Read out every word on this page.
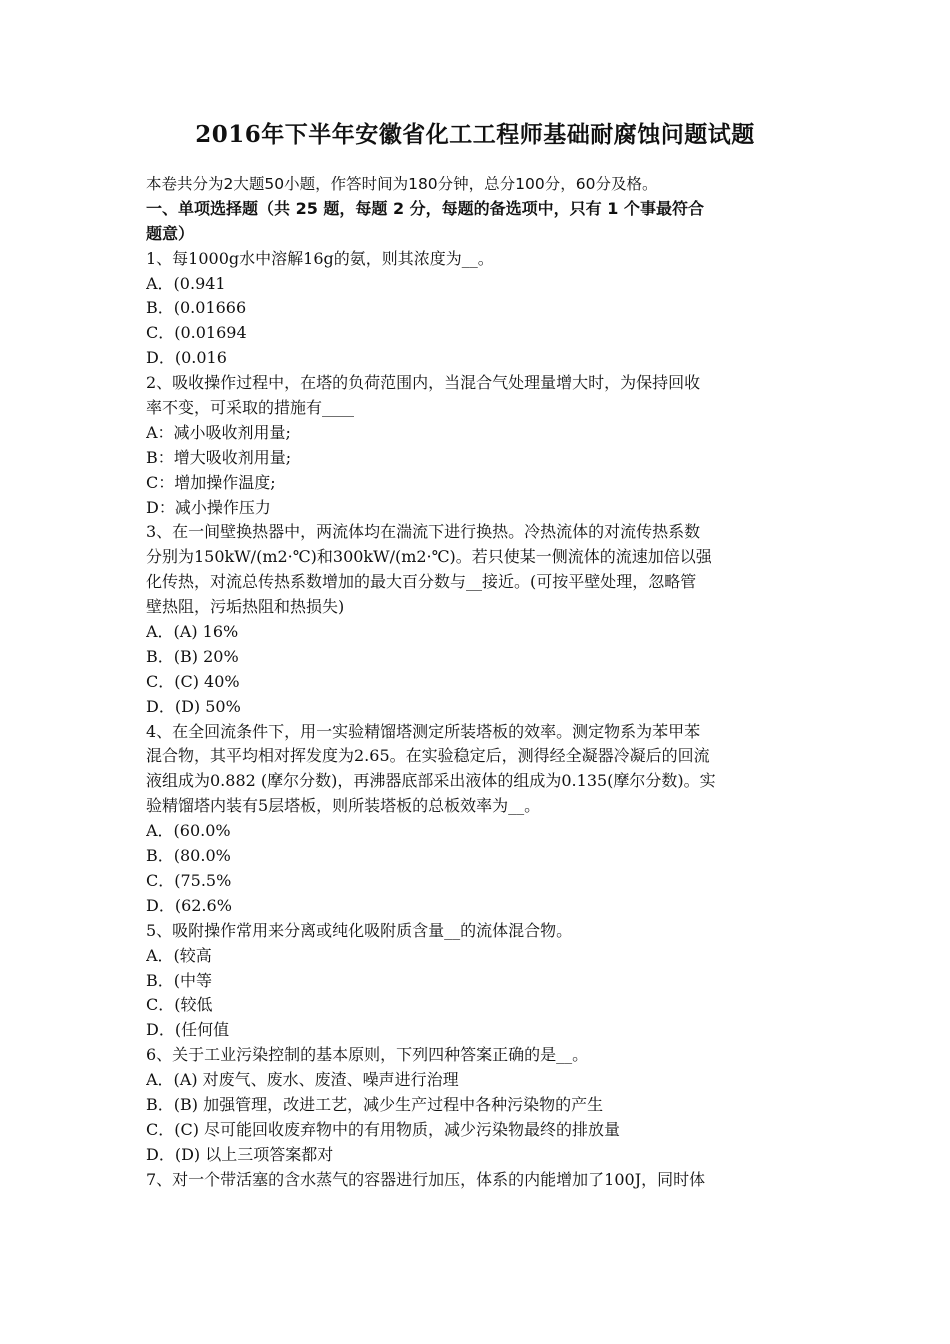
2016年下半年安徽省化工工程师基础耐腐蚀问题试题
本卷共分为2大题50小题，作答时间为180分钟，总分100分，60分及格。
一、单项选择题（共 25 题，每题 2 分，每题的备选项中，只有 1 个事最符合
题意）
1、每1000g水中溶解16g的氨，则其浓度为__。
A．(0.941
B．(0.01666
C．(0.01694
D．(0.016
2、吸收操作过程中，在塔的负荷范围内，当混合气处理量增大时，为保持回收
率不变，可采取的措施有____
A：减小吸收剂用量;
B：增大吸收剂用量;
C：增加操作温度;
D：减小操作压力
3、在一间壁换热器中，两流体均在湍流下进行换热。冷热流体的对流传热系数
分别为150kW/(m2·℃)和300kW/(m2·℃)。若只使某一侧流体的流速加倍以强
化传热，对流总传热系数增加的最大百分数与__接近。(可按平壁处理，忽略管
壁热阻，污垢热阻和热损失)
A．(A) 16%
B．(B) 20%
C．(C) 40%
D．(D) 50%
4、在全回流条件下，用一实验精馏塔测定所装塔板的效率。测定物系为苯甲苯
混合物，其平均相对挥发度为2.65。在实验稳定后，测得经全凝器冷凝后的回流
液组成为0.882 (摩尔分数)，再沸器底部采出液体的组成为0.135(摩尔分数)。实
验精馏塔内装有5层塔板，则所装塔板的总板效率为__。
A．(60.0%
B．(80.0%
C．(75.5%
D．(62.6%
5、吸附操作常用来分离或纯化吸附质含量__的流体混合物。
A．(较高
B．(中等
C．(较低
D．(任何值
6、关于工业污染控制的基本原则，下列四种答案正确的是__。
A．(A) 对废气、废水、废渣、噪声进行治理
B．(B) 加强管理，改进工艺，减少生产过程中各种污染物的产生
C．(C) 尽可能回收废弃物中的有用物质，减少污染物最终的排放量
D．(D) 以上三项答案都对
7、对一个带活塞的含水蒸气的容器进行加压，体系的内能增加了100J，同时体
